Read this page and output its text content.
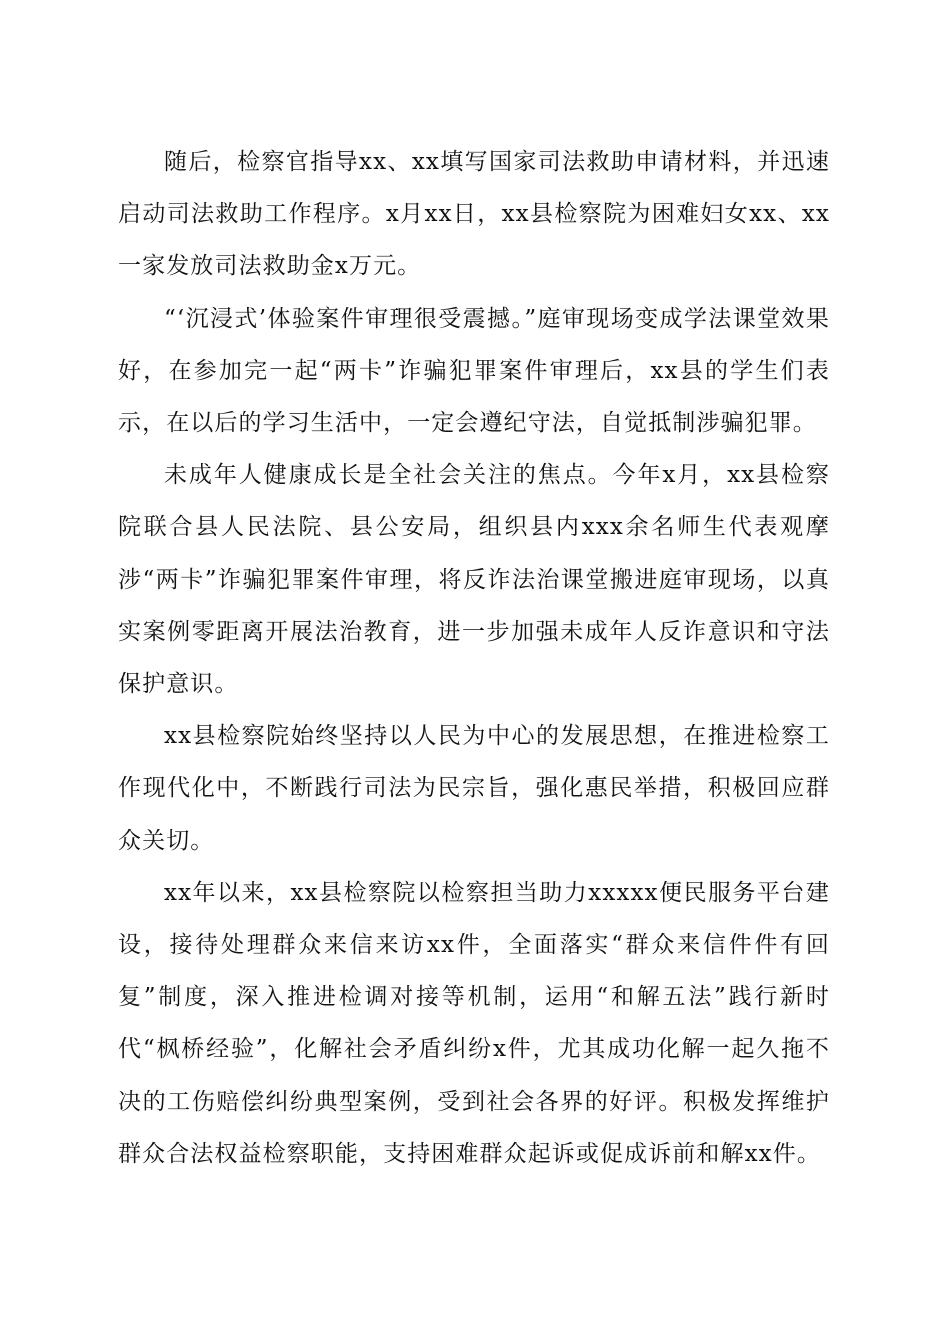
随后，检察官指导xx、xx填写国家司法救助申请材料，并迅速启动司法救助工作程序。x月xx日，xx县检察院为困难妇女xx、xx一家发放司法救助金x万元。

“‘沉浸式’体验案件审理很受震撼。”庭审现场变成学法课堂效果好，在参加完一起“两卡”诈骗犯罪案件审理后，xx县的学生们表示，在以后的学习生活中，一定会遵纪守法，自觉抵制涉骗犯罪。

未成年人健康成长是全社会关注的焦点。今年x月，xx县检察院联合县人民法院、县公安局，组织县内xxx余名师生代表观摩涉“两卡”诈骗犯罪案件审理，将反诈法治课堂搬进庭审现场，以真实案例零距离开展法治教育，进一步加强未成年人反诈意识和守法保护意识。

xx县检察院始终坚持以人民为中心的发展思想，在推进检察工作现代化中，不断践行司法为民宗旨，强化惠民举措，积极回应群众关切。

xx年以来，xx县检察院以检察担当助力xxxxx便民服务平台建设，接待处理群众来信来访xx件，全面落实“群众来信件件有回复”制度，深入推进检调对接等机制，运用“和解五法”践行新时代“枫桥经验”，化解社会矛盾纠纷x件，尤其成功化解一起久拖不决的工伤赔偿纠纷典型案例，受到社会各界的好评。积极发挥维护群众合法权益检察职能，支持困难群众起诉或促成诉前和解xx件。
